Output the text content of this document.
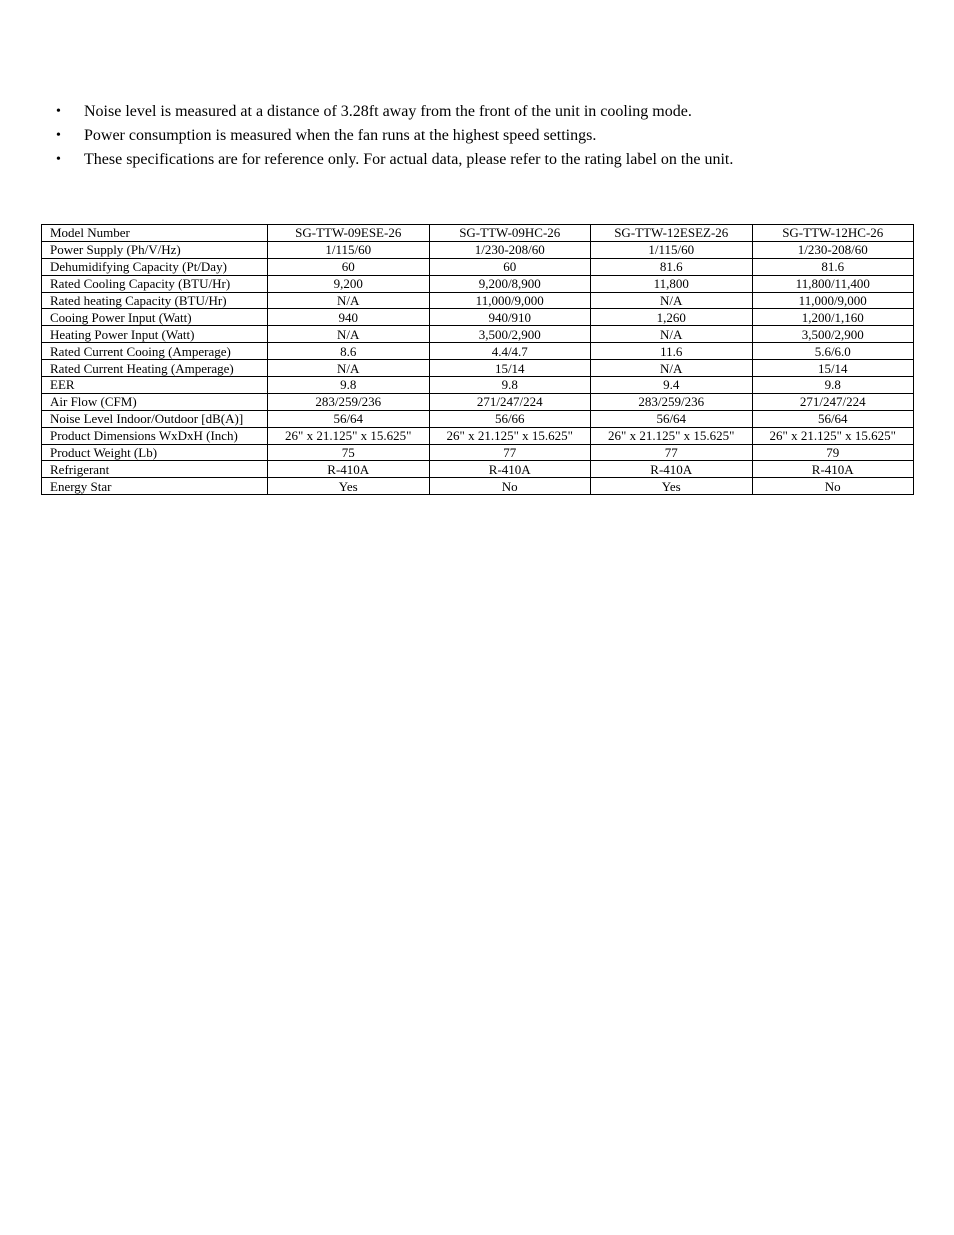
• Noise level is measured at a distance of 3.28ft away from the front of the unit in cooling mode.
• Power consumption is measured when the fan runs at the highest speed settings.
• These specifications are for reference only. For actual data, please refer to the rating label on the unit.
Model Number	SG-TTW-09ESE-26	SG-TTW-09HC-26	SG-TTW-12ESEZ-26	SG-TTW-12HC-26
Power Supply (Ph/V/Hz)	1/115/60	1/230-208/60	1/115/60	1/230-208/60
Dehumidifying Capacity (Pt/Day)	60	60	81.6	81.6
Rated Cooling Capacity (BTU/Hr)	9,200	9,200/8,900	11,800	11,800/11,400
Rated heating Capacity (BTU/Hr)	N/A	11,000/9,000	N/A	11,000/9,000
Cooing Power Input (Watt)	940	940/910	1,260	1,200/1,160
Heating Power Input (Watt)	N/A	3,500/2,900	N/A	3,500/2,900
Rated Current Cooing (Amperage)	8.6	4.4/4.7	11.6	5.6/6.0
Rated Current Heating (Amperage)	N/A	15/14	N/A	15/14
EER	9.8	9.8	9.4	9.8
Air Flow (CFM)	283/259/236	271/247/224	283/259/236	271/247/224
Noise Level Indoor/Outdoor [dB(A)]	56/64	56/66	56/64	56/64
Product Dimensions WxDxH (Inch)	26" x 21.125" x 15.625"	26" x 21.125" x 15.625"	26" x 21.125" x 15.625"	26" x 21.125" x 15.625"
Product Weight (Lb)	75	77	77	79
Refrigerant	R-410A	R-410A	R-410A	R-410A
Energy Star	Yes	No	Yes	No
